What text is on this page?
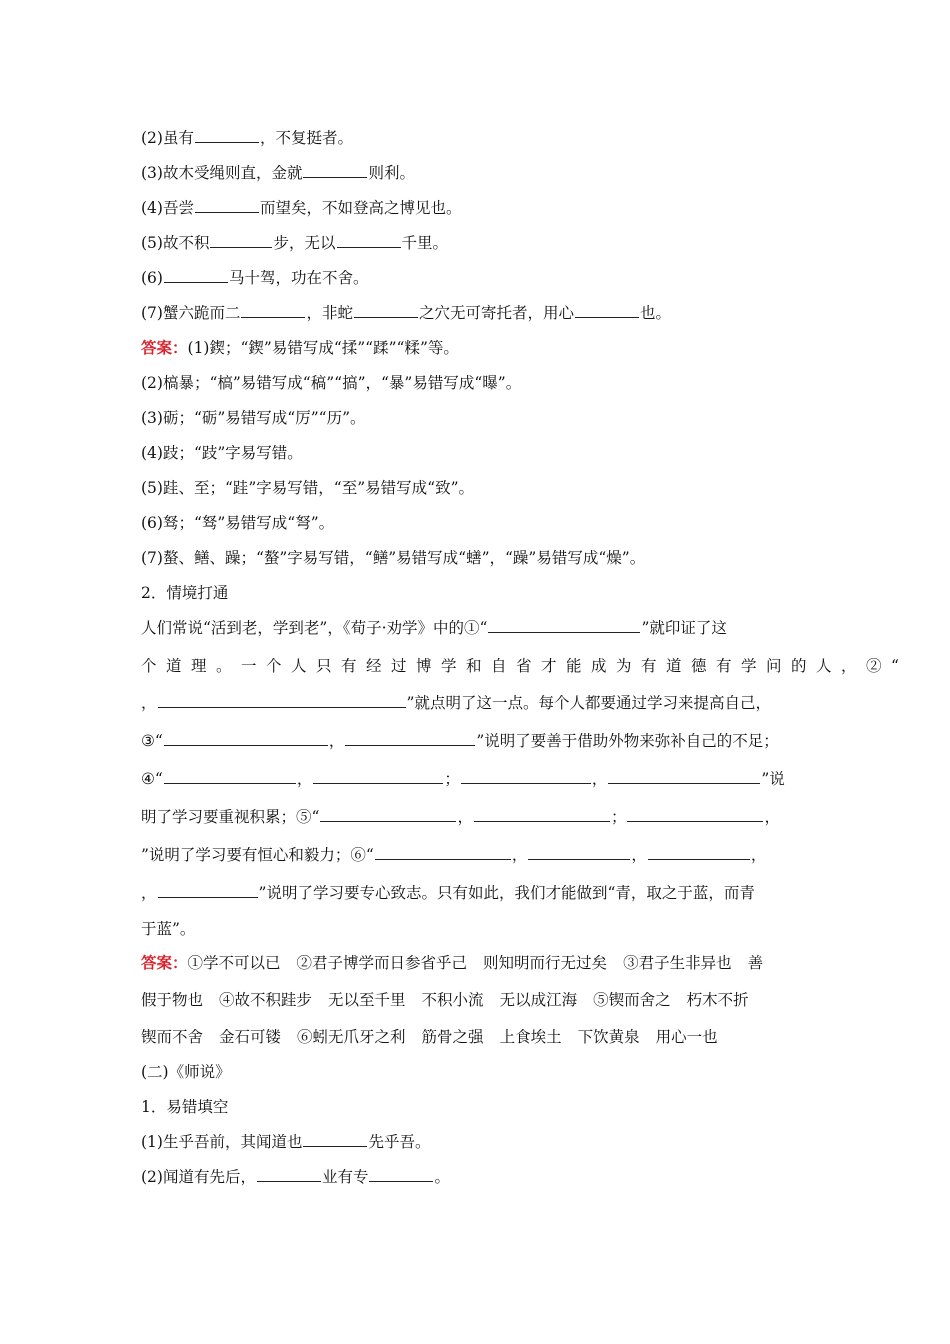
(2)虽有	，不复挺者。
(3)故木受绳则直，金就	则利。
(4)吾尝	而望矣，不如登高之博见也。
(5)故不积	步，无以	千里。
(6)	马十驾，功在不舍。
(7)蟹六跪而二	，非蛇	之穴无可寄托者，用心	也。
答案：(1)鍥；“鍥”易错写成“揉”“蹂”“糅”等。
(2)槁暴；“槁”易错写成“稿”“搞”，“暴”易错写成“曝”。
(3)砺；“砺”易错写成“厉”“历”。
(4)跂；“跂”字易写错。
(5)跬、至；“跬”字易写错，“至”易错写成“致”。
(6)驽；“驽”易错写成“弩”。
(7)螯、鳝、躁；“螯”字易写错，“鳝”易错写成“蟮”，“躁”易错写成“燥”。
2．情境打通
人们常说“活到老，学到老”，《荀子·劝学》中的①“	”就印证了这
个道理。一个人只有经过博学和自省才能成为有道德有学问的人，②“
，	”就点明了这一点。每个人都要通过学习来提高自己，
③“	，	”说明了要善于借助外物来弥补自己的不足；
④“	，	；	，	”说
明了学习要重视积累；⑤“	，	；	，
”说明了学习要有恒心和毅力；⑥“	，	，	，
，	”说明了学习要专心致志。只有如此，我们才能做到“青，取之于蓝，而青
于蓝”。
答案：①学不可以已 ②君子博学而日参省乎己 则知明而行无过矣 ③君子生非异也 善
假于物也 ④故不积跬步 无以至千里 不积小流 无以成江海 ⑤锲而舍之 朽木不折
锲而不舍 金石可镂 ⑥蚓无爪牙之利 筋骨之强 上食埃土 下饮黄泉 用心一也
(二)《师说》
1．易错填空
(1)生乎吾前，其闻道也	先乎吾。
(2)闻道有先后，	业有专	。
